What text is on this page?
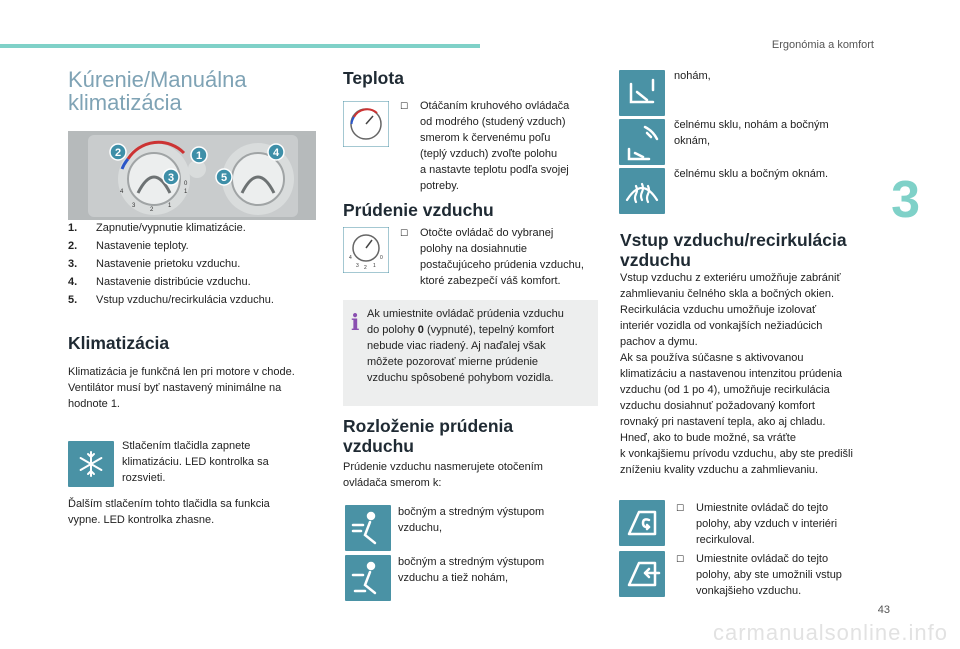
Ergonómia a komfort
3
43
Kúrenie/Manuálna
klimatizácia
2	1
3
4
5
4
3
2
1
1
0
1. Zapnutie/vypnutie klimatizácie.
2. Nastavenie teploty.
3. Nastavenie prietoku vzduchu.
4. Nastavenie distribúcie vzduchu.
5. Vstup vzduchu/recirkulácia vzduchu.
Klimatizácia
Klimatizácia je funkčná len pri motore v chode.
Ventilátor musí byť nastavený minimálne na
hodnote 1.
Stlačením tlačidla zapnete
klimatizáciu. LED kontrolka sa
rozsvieti.
Ďalším stlačením tohto tlačidla sa funkcia
vypne. LED kontrolka zhasne.
Teplota
☐ Otáčaním kruhového ovládača
od modrého (studený vzduch)
smerom k červenému poľu
(teplý vzduch) zvoľte polohu
a nastavte teplotu podľa svojej
potreby.
Prúdenie vzduchu
4
3 2 1
0
☐ Otočte ovládač do vybranej
polohy na dosiahnutie
postačujúceho prúdenia vzduchu,
ktoré zabezpečí váš komfort.
i Ak umiestnite ovládač prúdenia vzduchu
do polohy 0 (vypnuté), tepelný komfort
nebude viac riadený. Aj naďalej však
môžete pozorovať mierne prúdenie
vzduchu spôsobené pohybom vozidla.
Rozloženie prúdenia
vzduchu
Prúdenie vzduchu nasmerujete otočením
ovládača smerom k:
bočným a stredným výstupom
vzduchu,
bočným a stredným výstupom
vzduchu a tiež nohám,
nohám,
čelnému sklu, nohám a bočným
oknám,
čelnému sklu a bočným oknám.
Vstup vzduchu/recirkulácia
vzduchu
Vstup vzduchu z exteriéru umožňuje zabrániť
zahmlievaniu čelného skla a bočných okien.
Recirkulácia vzduchu umožňuje izolovať
interiér vozidla od vonkajších nežiadúcich
pachov a dymu.
Ak sa používa súčasne s aktivovanou
klimatizáciu a nastavenou intenzitou prúdenia
vzduchu (od 1 po 4), umožňuje recirkulácia
vzduchu dosiahnuť požadovaný komfort
rovnaký pri nastavení tepla, ako aj chladu.
Hneď, ako to bude možné, sa vráťte
k vonkajšiemu prívodu vzduchu, aby ste predišli
zníženiu kvality vzduchu a zahmlievaniu.
☐ Umiestnite ovládač do tejto
polohy, aby vzduch v interiéri
recirkuloval.
☐ Umiestnite ovládač do tejto
polohy, aby ste umožnili vstup
vonkajšieho vzduchu.
carmanualsonline.info
